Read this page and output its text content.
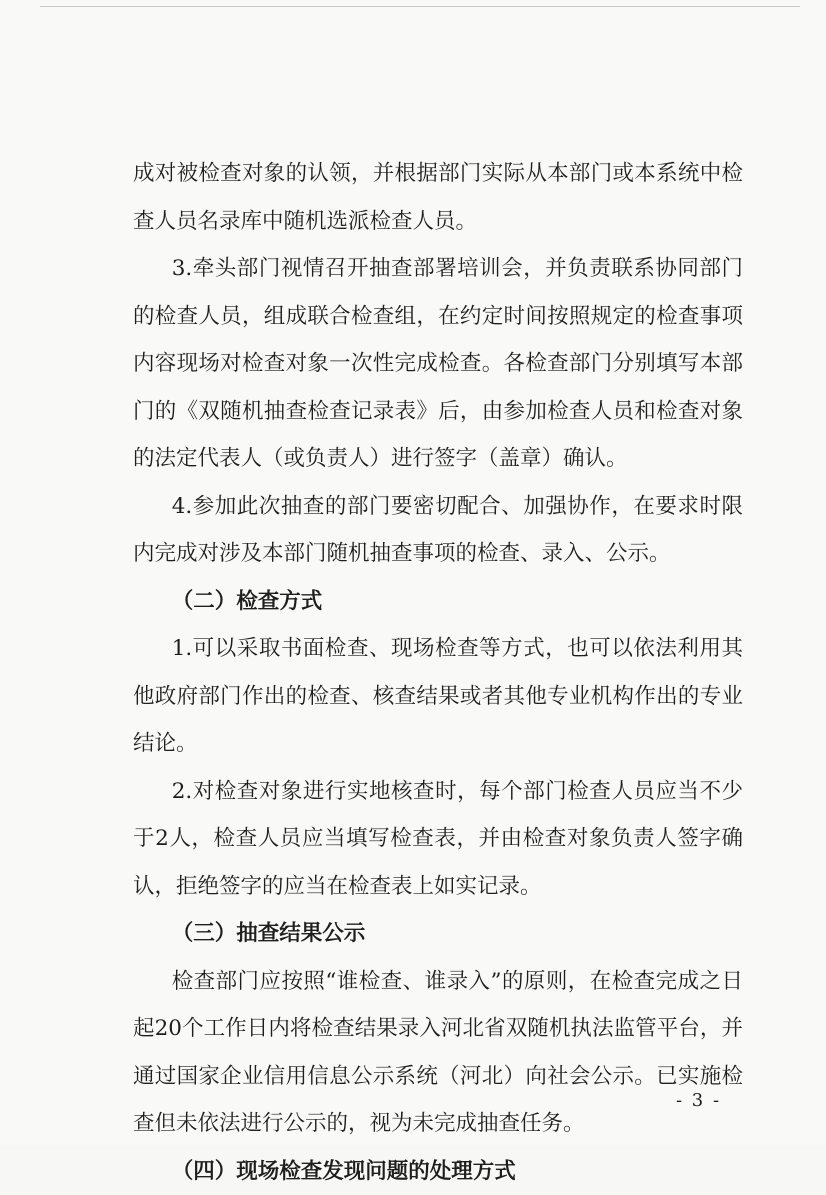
成对被检查对象的认领，并根据部门实际从本部门或本系统中检查人员名录库中随机选派检查人员。

3.牵头部门视情召开抽查部署培训会，并负责联系协同部门的检查人员，组成联合检查组，在约定时间按照规定的检查事项内容现场对检查对象一次性完成检查。各检查部门分别填写本部门的《双随机抽查检查记录表》后，由参加检查人员和检查对象的法定代表人（或负责人）进行签字（盖章）确认。

4.参加此次抽查的部门要密切配合、加强协作，在要求时限内完成对涉及本部门随机抽查事项的检查、录入、公示。

（二）检查方式

1.可以采取书面检查、现场检查等方式，也可以依法利用其他政府部门作出的检查、核查结果或者其他专业机构作出的专业结论。

2.对检查对象进行实地核查时，每个部门检查人员应当不少于2人，检查人员应当填写检查表，并由检查对象负责人签字确认，拒绝签字的应当在检查表上如实记录。

（三）抽查结果公示

检查部门应按照“谁检查、谁录入”的原则，在检查完成之日起20个工作日内将检查结果录入河北省双随机执法监管平台，并通过国家企业信用信息公示系统（河北）向社会公示。已实施检查但未依法进行公示的，视为未完成抽查任务。

（四）现场检查发现问题的处理方式

- 3 -
